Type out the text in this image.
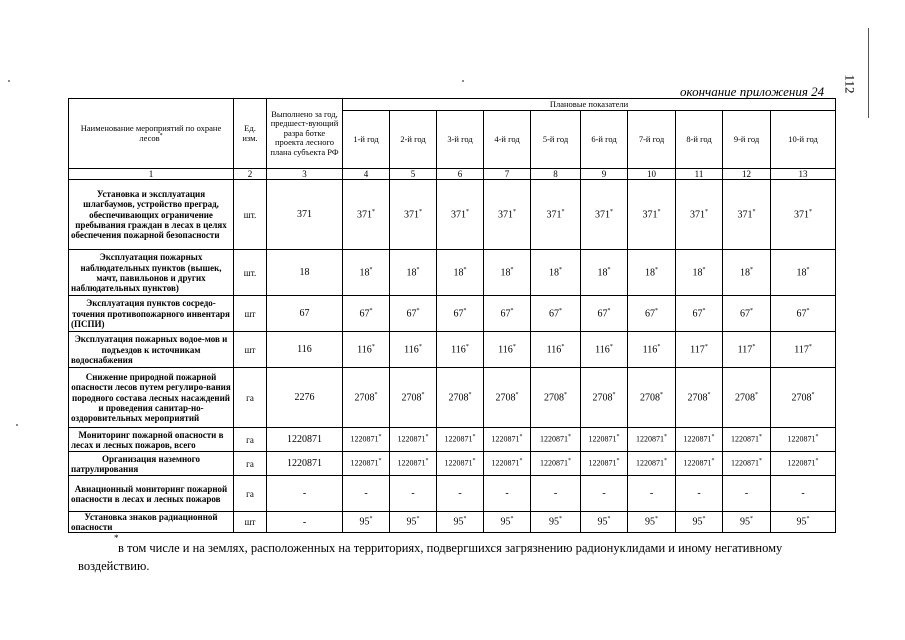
112
окончание приложения 24
Наименование мероприятий по охране лесов*	Ед. изм.	Выполнено за год, предшест-вующий разра ботке проекта лесного плана субъекта РФ	Плановые показатели									
			1-й год	2-й год	3-й год	4-й год	5-й год	6-й год	7-й год	8-й год	9-й год	10-й год
1	2	3	4	5	6	7	8	9	10	11	12	13
Установка и эксплуатация шлагбаумов, устройство преград, обеспечивающих ограничение пребывания граждан в лесах в целях обеспечения пожарной безопасности	шт.	371	371*	371*	371*	371*	371*	371*	371*	371*	371*	371*
Эксплуатация пожарных наблюдательных пунктов (вышек, мачт, павильонов и других наблюдательных пунктов)	шт.	18	18*	18*	18*	18*	18*	18*	18*	18*	18*	18*
Эксплуатация пунктов сосредо-точения противопожарного инвентаря (ПСПИ)	шт	67	67*	67*	67*	67*	67*	67*	67*	67*	67*	67*
Эксплуатация пожарных водое-мов и подъездов к источникам водоснабжения	шт	116	116*	116*	116*	116*	116*	116*	116*	117*	117*	117*
Снижение природной пожарной опасности лесов путем регулиро-вания породного состава лесных насаждений и проведения санитар-но- оздоровительных мероприятий	га	2276	2708*	2708*	2708*	2708*	2708*	2708*	2708*	2708*	2708*	2708*
Мониторинг пожарной опасности в лесах и лесных пожаров, всего	га	1220871	1220871*	1220871*	1220871*	1220871*	1220871*	1220871*	1220871*	1220871*	1220871*	1220871*
Организация наземного патрулирования	га	1220871	1220871*	1220871*	1220871*	1220871*	1220871*	1220871*	1220871*	1220871*	1220871*	1220871*
Авиационный мониторинг пожарной опасности в лесах и лесных пожаров	га	-	-	-	-	-	-	-	-	-	-	-
Установка знаков радиационной опасности	шт	-	95*	95*	95*	95*	95*	95*	95*	95*	95*	95*
*
в том числе и на землях, расположенных на территориях, подвергшихся загрязнению радионуклидами и иному негативному воздействию.
